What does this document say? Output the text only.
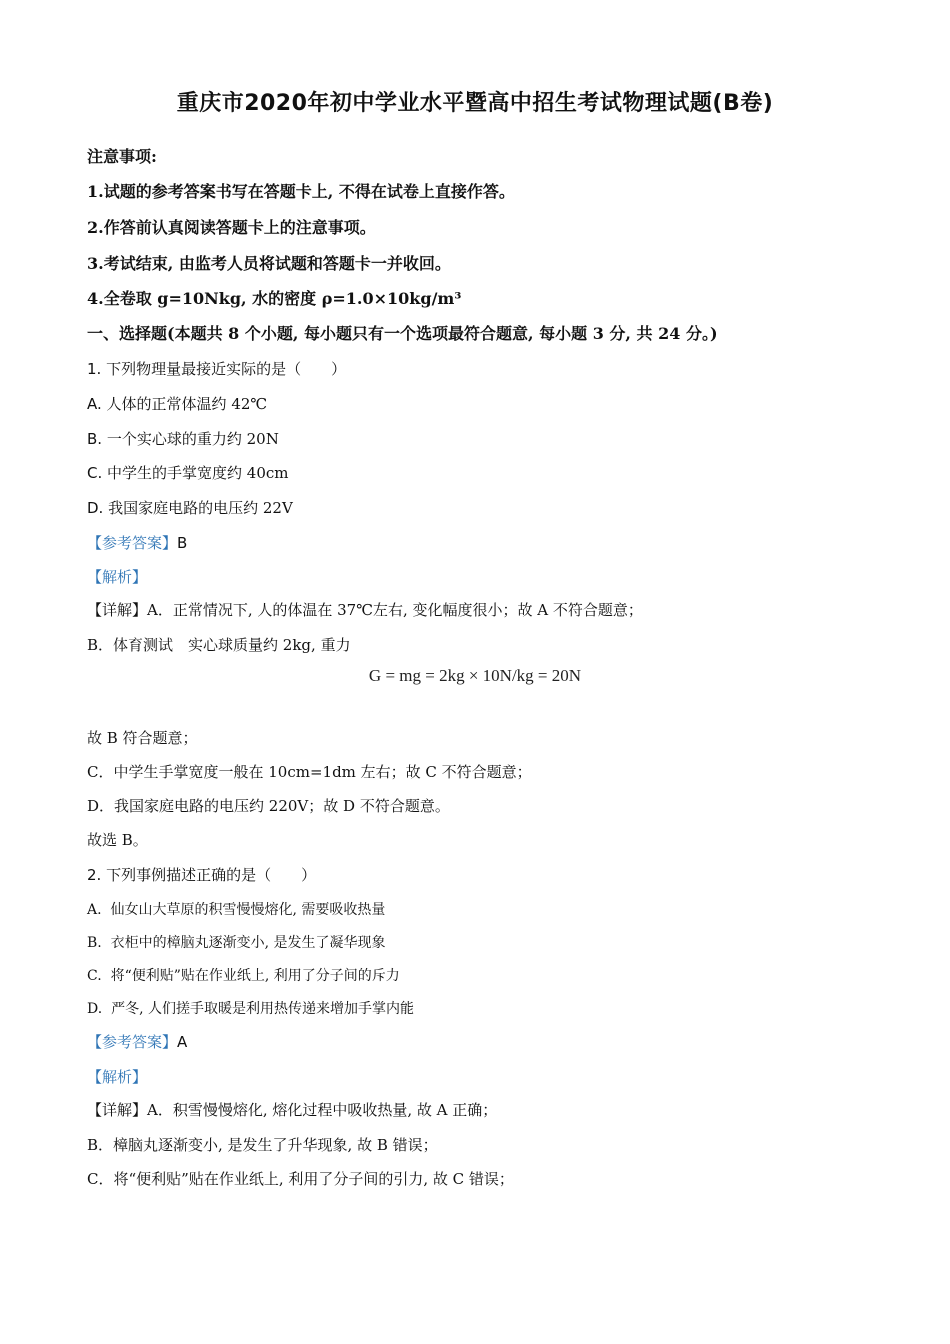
重庆市2020年初中学业水平暨高中招生考试物理试题(B卷)
注意事项:
1.试题的参考答案书写在答题卡上, 不得在试卷上直接作答。
2.作答前认真阅读答题卡上的注意事项。
3.考试结束, 由监考人员将试题和答题卡一并收回。
4.全卷取 g=10Nkg, 水的密度 ρ=1.0×10kg/m³
一、选择题(本题共 8 个小题, 每小题只有一个选项最符合题意, 每小题 3 分, 共 24 分。)
1. 下列物理量最接近实际的是（　　）
A. 人体的正常体温约 42℃
B. 一个实心球的重力约 20N
C. 中学生的手掌宽度约 40cm
D. 我国家庭电路的电压约 22V
【参考答案】B
【解析】
【详解】A．正常情况下, 人的体温在 37℃左右, 变化幅度很小；故 A 不符合题意；
B．体育测试　实心球质量约 2kg, 重力
G = mg = 2kg × 10N/kg = 20N
故 B 符合题意；
C．中学生手掌宽度一般在 10cm=1dm 左右；故 C 不符合题意；
D．我国家庭电路的电压约 220V；故 D 不符合题意。
故选 B。
2. 下列事例描述正确的是（　　）
A. 仙女山大草原的积雪慢慢熔化, 需要吸收热量
B. 衣柜中的樟脑丸逐渐变小, 是发生了凝华现象
C. 将“便利贴”贴在作业纸上, 利用了分子间的斥力
D. 严冬, 人们搓手取暖是利用热传递来增加手掌内能
【参考答案】A
【解析】
【详解】A．积雪慢慢熔化, 熔化过程中吸收热量, 故 A 正确；
B．樟脑丸逐渐变小, 是发生了升华现象, 故 B 错误；
C．将“便利贴”贴在作业纸上, 利用了分子间的引力, 故 C 错误；
